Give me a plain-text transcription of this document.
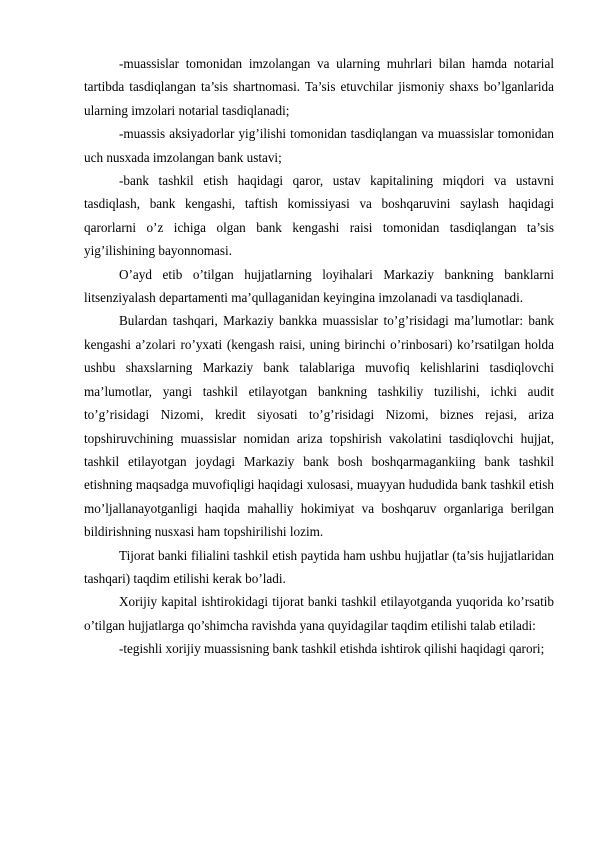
-muassislar tomonidan imzolangan va ularning muhrlari bilan hamda notarial tartibda tasdiqlangan ta’sis shartnomasi. Ta’sis etuvchilar jismoniy shaxs bo’lganlarida ularning imzolari notarial tasdiqlanadi;

-muassis aksiyadorlar yig’ilishi tomonidan tasdiqlangan va muassislar tomonidan uch nusxada imzolangan bank ustavi;

-bank tashkil etish haqidagi qaror, ustav kapitalining miqdori va ustavni tasdiqlash, bank kengashi, taftish komissiyasi va boshqaruvini saylash haqidagi qarorlarni o’z ichiga olgan bank kengashi raisi tomonidan tasdiqlangan ta’sis yig’ilishining bayonnomasi.

O’ayd etib o’tilgan hujjatlarning loyihalari Markaziy bankning banklarni litsenziyalash departamenti ma’qullaganidan keyingina imzolanadi va tasdiqlanadi.

Bulardan tashqari, Markaziy bankka muassislar to’g’risidagi ma’lumotlar: bank kengashi a’zolari ro’yxati (kengash raisi, uning birinchi o’rinbosari) ko’rsatilgan holda ushbu shaxslarning Markaziy bank talablariga muvofiq kelishlarini tasdiqlovchi ma’lumotlar, yangi tashkil etilayotgan bankning tashkiliy tuzilishi, ichki audit to’g’risidagi Nizomi, kredit siyosati to’g’risidagi Nizomi, biznes rejasi, ariza topshiruvchining muassislar nomidan ariza topshirish vakolatini tasdiqlovchi hujjat, tashkil etilayotgan joydagi Markaziy bank bosh boshqarmagankiing bank tashkil etishning maqsadga muvofiqligi haqidagi xulosasi, muayyan hududida bank tashkil etish mo’ljallanayotganligi haqida mahalliy hokimiyat va boshqaruv organlariga berilgan bildirishning nusxasi ham topshirilishi lozim.

Tijorat banki filialini tashkil etish paytida ham ushbu hujjatlar (ta’sis hujjatlaridan tashqari) taqdim etilishi kerak bo’ladi.

Xorijiy kapital ishtirokidagi tijorat banki tashkil etilayotganda yuqorida ko’rsatib o’tilgan hujjatlarga qo’shimcha ravishda yana quyidagilar taqdim etilishi talab etiladi:

-tegishli xorijiy muassisning bank tashkil etishda ishtirok qilishi haqidagi qarori;
